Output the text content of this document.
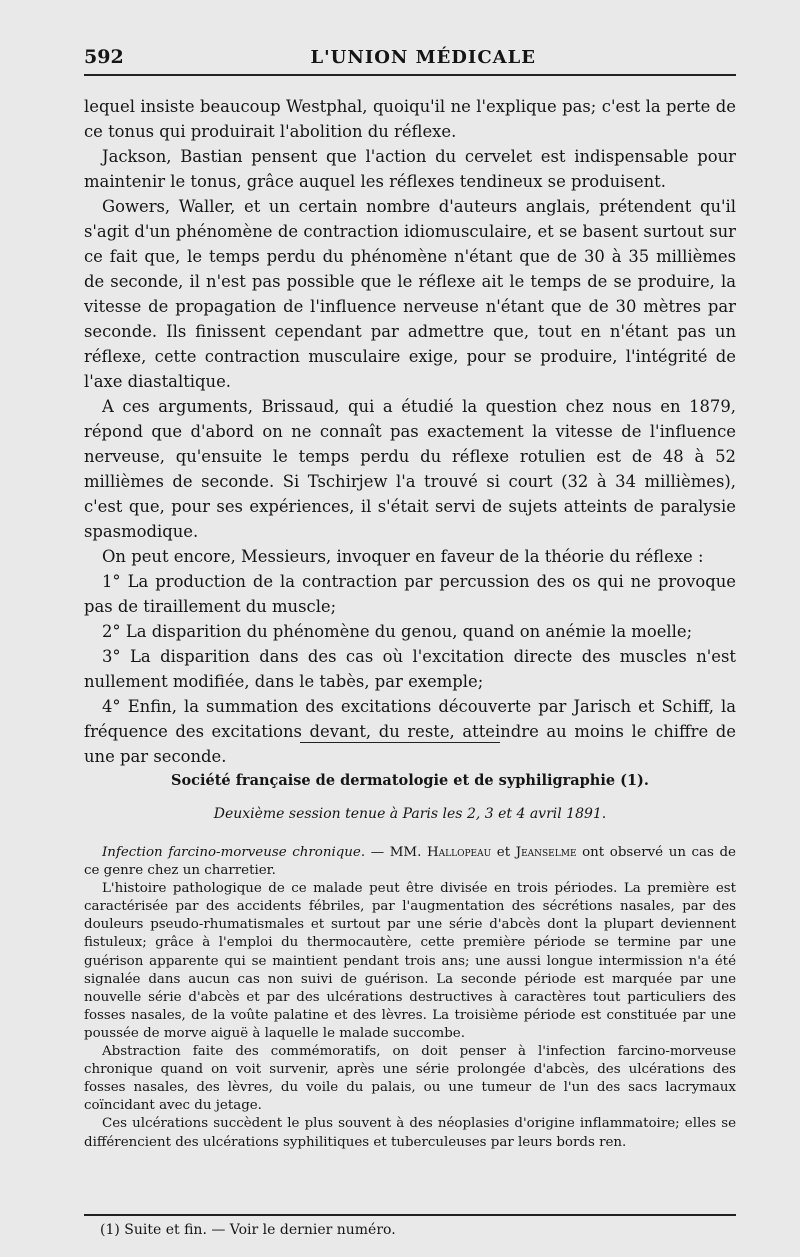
592	L'UNION MÉDICALE

lequel insiste beaucoup Westphal, quoiqu'il ne l'explique pas; c'est la perte de ce tonus qui produirait l'abolition du réflexe.

Jackson, Bastian pensent que l'action du cervelet est indispensable pour maintenir le tonus, grâce auquel les réflexes tendineux se produisent.

Gowers, Waller, et un certain nombre d'auteurs anglais, prétendent qu'il s'agit d'un phénomène de contraction idiomusculaire, et se basent surtout sur ce fait que, le temps perdu du phénomène n'étant que de 30 à 35 millièmes de seconde, il n'est pas possible que le réflexe ait le temps de se produire, la vitesse de propagation de l'influence nerveuse n'étant que de 30 mètres par seconde. Ils finissent cependant par admettre que, tout en n'étant pas un réflexe, cette contraction musculaire exige, pour se produire, l'intégrité de l'axe diastaltique.

A ces arguments, Brissaud, qui a étudié la question chez nous en 1879, répond que d'abord on ne connaît pas exactement la vitesse de l'influence nerveuse, qu'ensuite le temps perdu du réflexe rotulien est de 48 à 52 millièmes de seconde. Si Tschirjew l'a trouvé si court (32 à 34 millièmes), c'est que, pour ses expériences, il s'était servi de sujets atteints de paralysie spasmodique.

On peut encore, Messieurs, invoquer en faveur de la théorie du réflexe :

1° La production de la contraction par percussion des os qui ne provoque pas de tiraillement du muscle;

2° La disparition du phénomène du genou, quand on anémie la moelle;

3° La disparition dans des cas où l'excitation directe des muscles n'est nullement modifiée, dans le tabès, par exemple;

4° Enfin, la summation des excitations découverte par Jarisch et Schiff, la fréquence des excitations devant, du reste, atteindre au moins le chiffre de une par seconde.

Société française de dermatologie et de syphiligraphie (1).
Deuxième session tenue à Paris les 2, 3 et 4 avril 1891.

Infection farcino-morveuse chronique. — MM. Hallopeau et Jeanselme ont observé un cas de ce genre chez un charretier.

L'histoire pathologique de ce malade peut être divisée en trois périodes. La première est caractérisée par des accidents fébriles, par l'augmentation des sécrétions nasales, par des douleurs pseudo-rhumatismales et surtout par une série d'abcès dont la plupart deviennent fistuleux; grâce à l'emploi du thermocautère, cette première période se termine par une guérison apparente qui se maintient pendant trois ans; une aussi longue intermission n'a été signalée dans aucun cas non suivi de guérison. La seconde période est marquée par une nouvelle série d'abcès et par des ulcérations destructives à caractères tout particuliers des fosses nasales, de la voûte palatine et des lèvres. La troisième période est constituée par une poussée de morve aiguë à laquelle le malade succombe.

Abstraction faite des commémoratifs, on doit penser à l'infection farcino-morveuse chronique quand on voit survenir, après une série prolongée d'abcès, des ulcérations des fosses nasales, des lèvres, du voile du palais, ou une tumeur de l'un des sacs lacrymaux coïncidant avec du jetage.

Ces ulcérations succèdent le plus souvent à des néoplasies d'origine inflammatoire; elles se différencient des ulcérations syphilitiques et tuberculeuses par leurs bords ren.

(1) Suite et fin. — Voir le dernier numéro.
